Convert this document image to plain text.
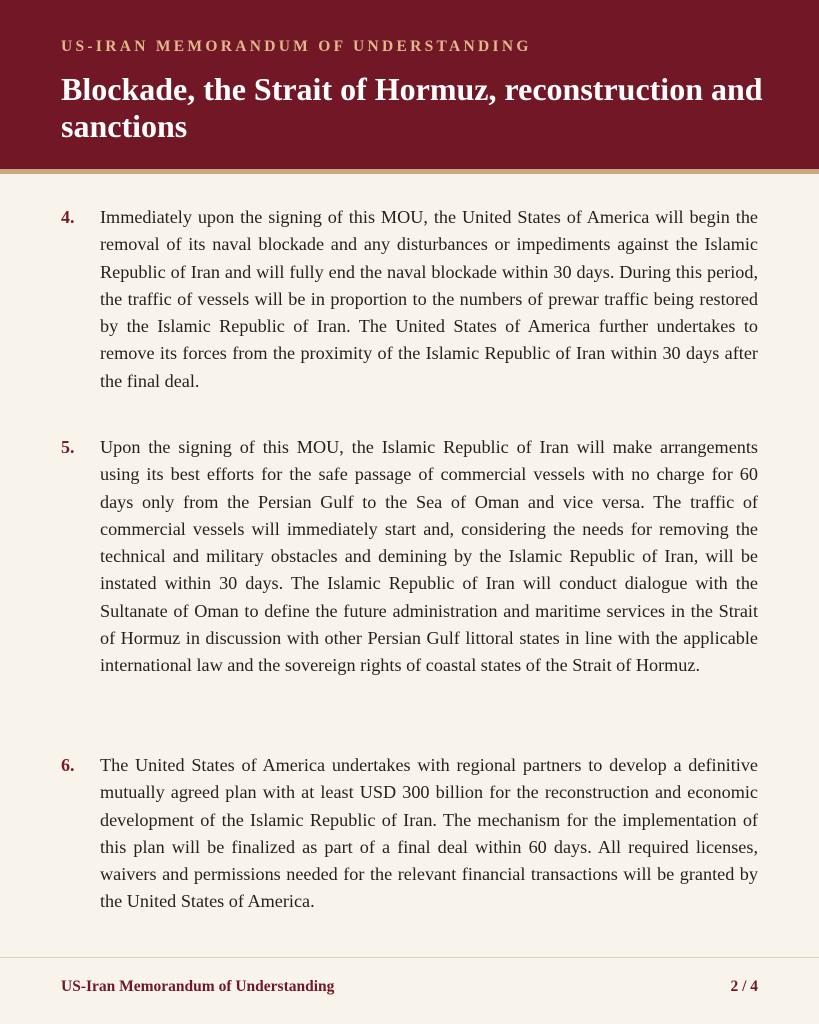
US-IRAN MEMORANDUM OF UNDERSTANDING
Blockade, the Strait of Hormuz, reconstruction and sanctions
4. Immediately upon the signing of this MOU, the United States of America will begin the removal of its naval blockade and any disturbances or impediments against the Islamic Republic of Iran and will fully end the naval blockade within 30 days. During this period, the traffic of vessels will be in proportion to the numbers of prewar traffic being restored by the Islamic Republic of Iran. The United States of America further undertakes to remove its forces from the proximity of the Islamic Republic of Iran within 30 days after the final deal.
5. Upon the signing of this MOU, the Islamic Republic of Iran will make arrangements using its best efforts for the safe passage of commercial vessels with no charge for 60 days only from the Persian Gulf to the Sea of Oman and vice versa. The traffic of commercial vessels will immediately start and, considering the needs for removing the technical and military obstacles and demining by the Islamic Republic of Iran, will be instated within 30 days. The Islamic Republic of Iran will conduct dialogue with the Sultanate of Oman to define the future administration and maritime services in the Strait of Hormuz in discussion with other Persian Gulf littoral states in line with the applicable international law and the sovereign rights of coastal states of the Strait of Hormuz.
6. The United States of America undertakes with regional partners to develop a definitive mutually agreed plan with at least USD 300 billion for the reconstruction and economic development of the Islamic Republic of Iran. The mechanism for the implementation of this plan will be finalized as part of a final deal within 60 days. All required licenses, waivers and permissions needed for the relevant financial transactions will be granted by the United States of America.
US-Iran Memorandum of Understanding	2 / 4
